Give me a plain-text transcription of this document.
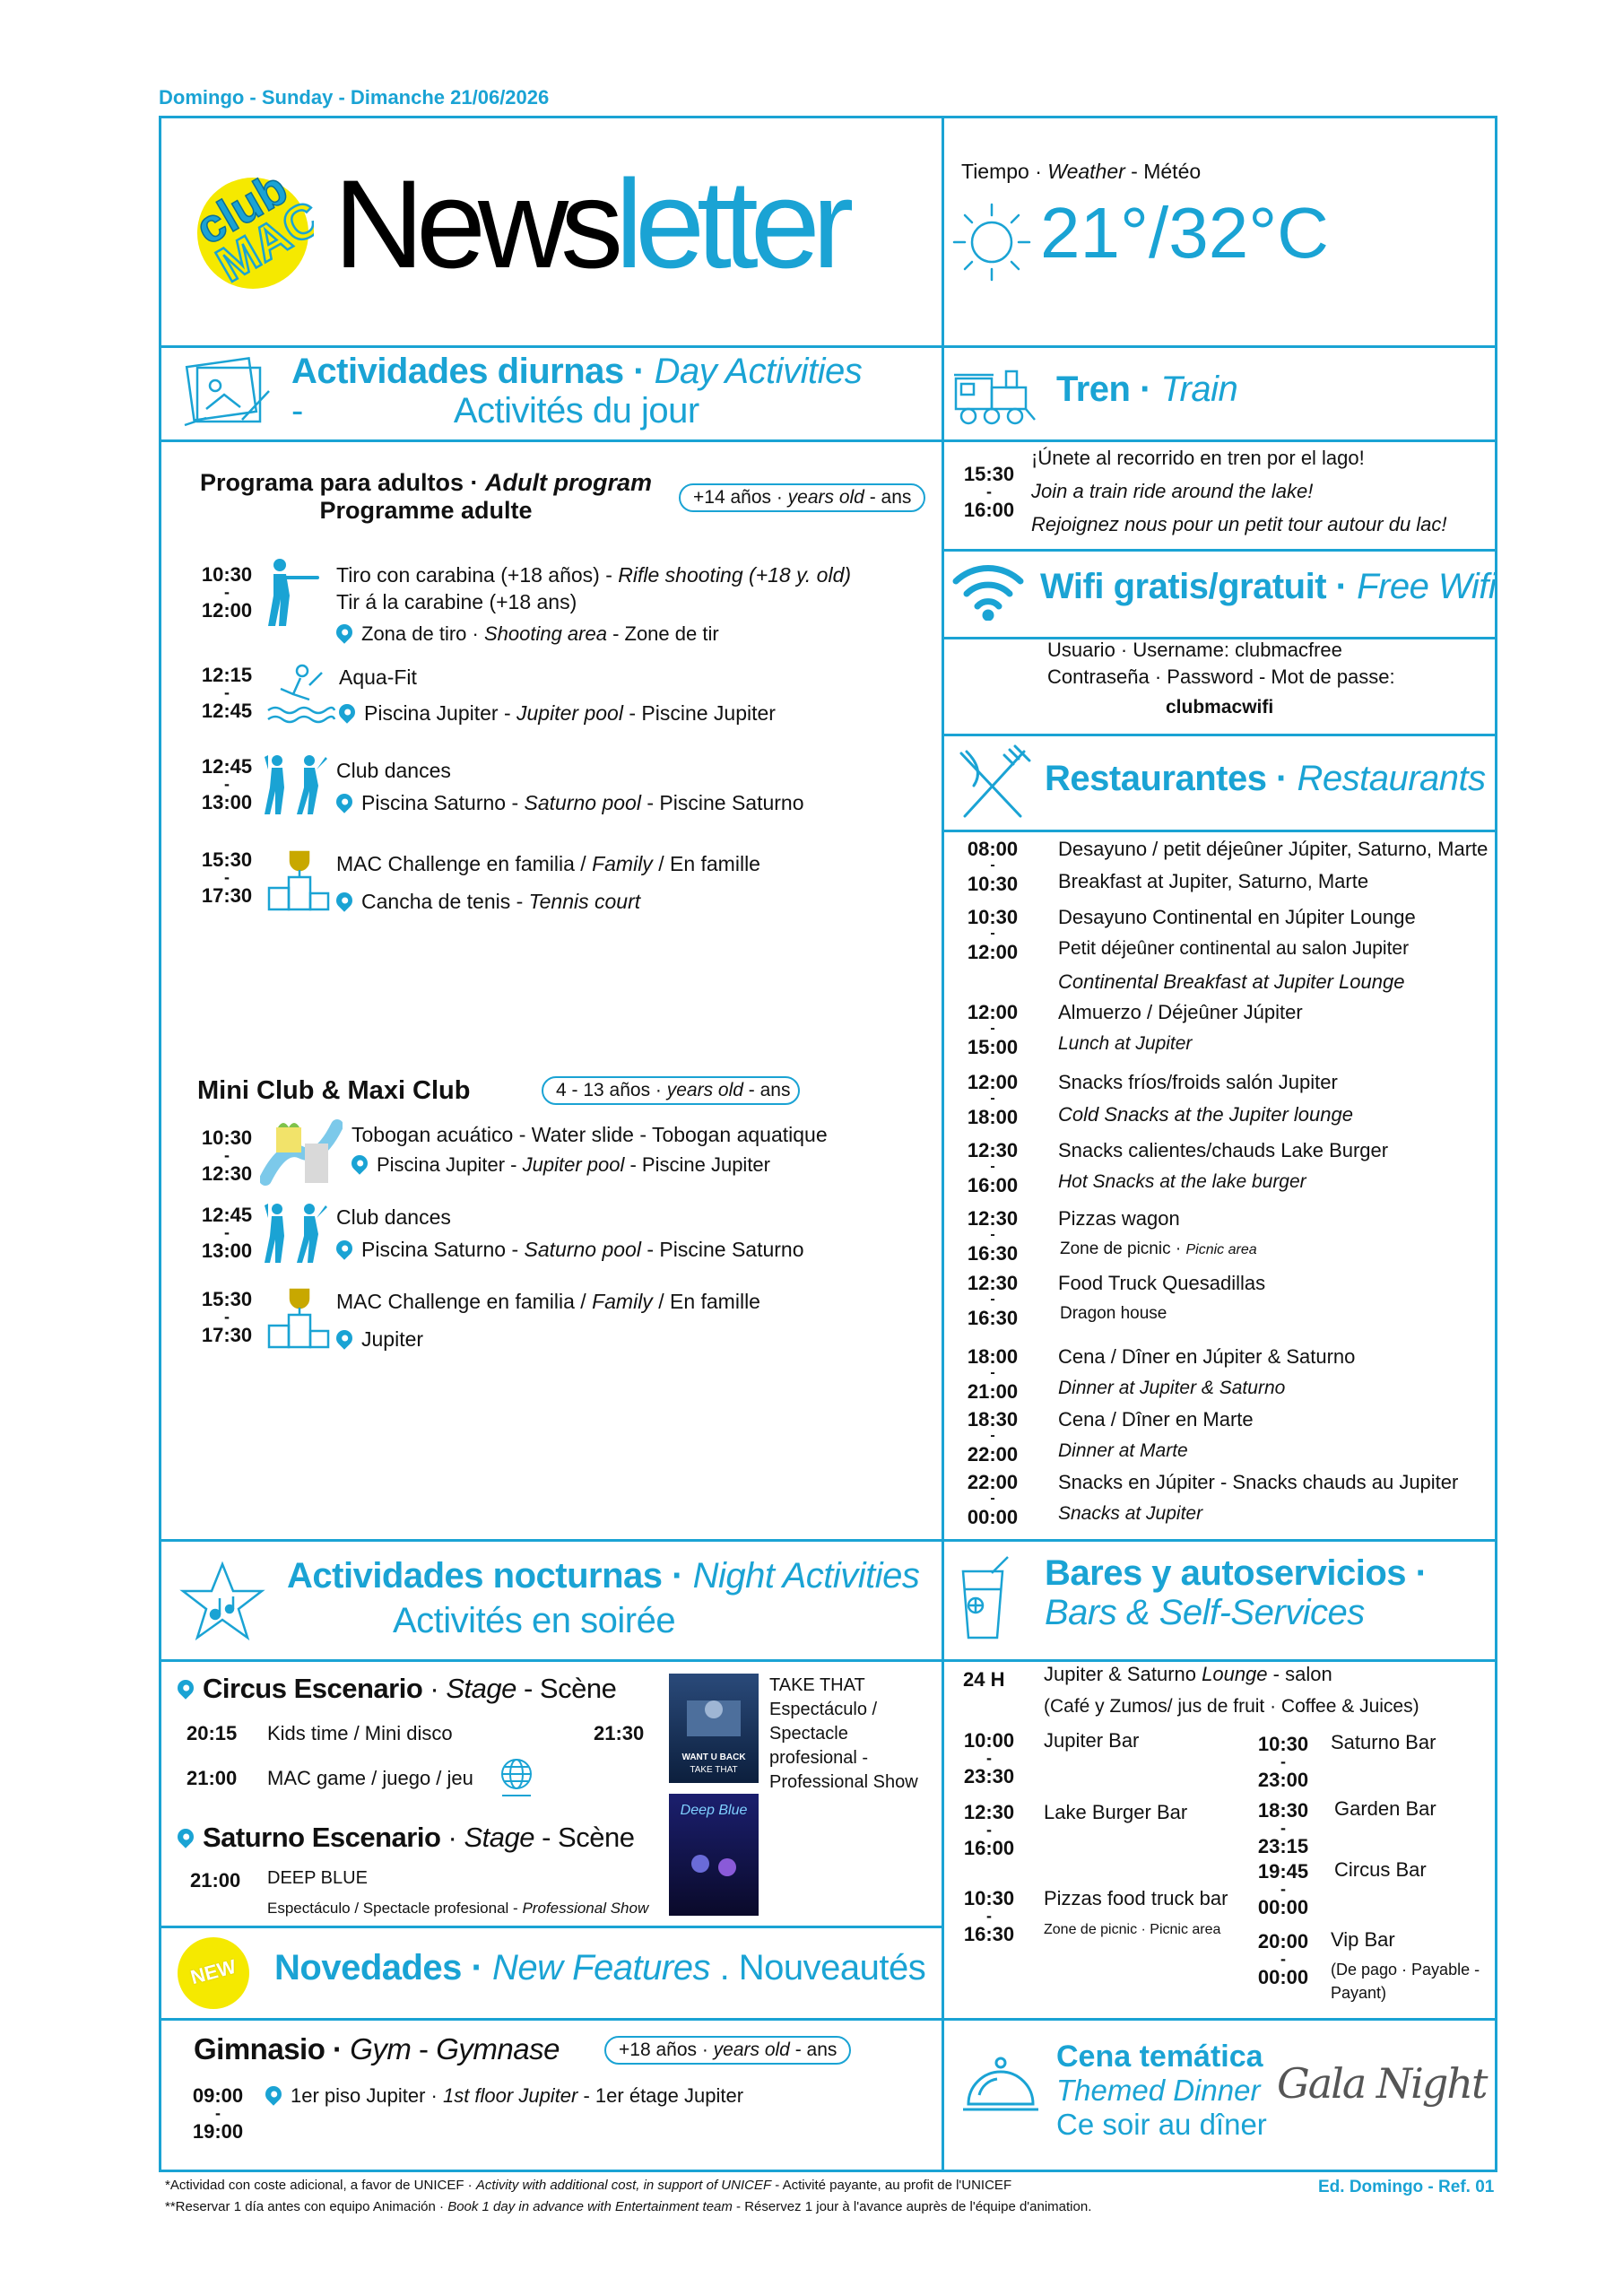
Domingo - Sunday - Dimanche 21/06/2026
club
MAC Newsletter	Tiempo · Weather - Météo
21°/32°C
Actividades diurnas · Day Activities
-	Activités du jour
Programa para adultos · Adult program
Programme adulte	+14 años · years old - ans
10:30
-
12:00
Tiro con carabina (+18 años) - Rifle shooting (+18 y. old)
Tir á la carabine (+18 ans)
Zona de tiro · Shooting area - Zone de tir
12:15
-
12:45
Aqua-Fit
Piscina Jupiter - Jupiter pool - Piscine Jupiter
12:45
-
13:00
Club dances
Piscina Saturno - Saturno pool - Piscine Saturno
15:30
-
17:30
MAC Challenge en familia / Family / En famille
Cancha de tenis - Tennis court
Mini Club & Maxi Club	4 - 13 años · years old - ans
10:30
-
12:30
Tobogan acuático - Water slide - Tobogan aquatique
Piscina Jupiter - Jupiter pool - Piscine Jupiter
12:45
-
13:00
Club dances
Piscina Saturno - Saturno pool - Piscine Saturno
15:30
-
17:30
MAC Challenge en familia / Family / En famille
Jupiter
Tren · Train
15:30
-
16:00
¡Únete al recorrido en tren por el lago!
Join a train ride around the lake!
Rejoignez nous pour un petit tour autour du lac!
Wifi gratis/gratuit · Free Wifi
Usuario · Username: clubmacfree
Contraseña · Password - Mot de passe:
clubmacwifi
Restaurantes · Restaurants
08:00
-
10:30
Desayuno / petit déjeûner Júpiter, Saturno, Marte
Breakfast at Jupiter, Saturno, Marte
10:30
-
12:00
Desayuno Continental en Júpiter Lounge
Petit déjeûner continental au salon Jupiter
Continental Breakfast at Jupiter Lounge
12:00
-
15:00
Almuerzo / Déjeûner Júpiter
Lunch at Jupiter
12:00
-
18:00
Snacks fríos/froids salón Jupiter
Cold Snacks at the Jupiter lounge
12:30
-
16:00
Snacks calientes/chauds Lake Burger
Hot Snacks at the lake burger
12:30
-
16:30
Pizzas wagon
Zone de picnic · Picnic area
12:30
-
16:30
Food Truck Quesadillas
Dragon house
18:00
-
21:00
Cena / Dîner en Júpiter & Saturno
Dinner at Jupiter & Saturno
18:30
-
22:00
Cena / Dîner en Marte
Dinner at Marte
22:00
-
00:00
Snacks en Júpiter - Snacks chauds au Jupiter
Snacks at Jupiter
Actividades nocturnas · Night Activities
Activités en soirée
Circus Escenario · Stage - Scène
20:15 Kids time / Mini disco	21:30
21:00 MAC game / juego / jeu
WANT U BACK
TAKE THAT
TAKE THAT
Espectáculo /
Spectacle
profesional -
Professional Show
Deep Blue
Saturno Escenario · Stage - Scène
21:00 DEEP BLUE
Espectáculo / Spectacle profesional - Professional Show
NEW	Novedades · New Features . Nouveautés
Gimnasio · Gym - Gymnase	+18 años · years old - ans
09:00
-
19:00
1er piso Jupiter · 1st floor Jupiter - 1er étage Jupiter
Bares y autoservicios ·
Bars & Self-Services
24 H Jupiter & Saturno Lounge - salon
(Café y Zumos/ jus de fruit · Coffee & Juices)
10:00
-
23:30
Jupiter Bar
12:30
-
16:00
Lake Burger Bar
10:30
-
16:30
Pizzas food truck bar
Zone de picnic · Picnic area
10:30
-
23:00
Saturno Bar
18:30
-
23:15
Garden Bar
19:45
-
00:00
Circus Bar
20:00
-
00:00
Vip Bar
(De pago · Payable -
Payant)
Cena temática
Themed Dinner
Ce soir au dîner
Gala Night
*Actividad con coste adicional, a favor de UNICEF · Activity with additional cost, in support of UNICEF - Activité payante, au profit de l'UNICEF
**Reservar 1 día antes con equipo Animación · Book 1 day in advance with Entertainment team - Réservez 1 jour à l'avance auprès de l'équipe d'animation.
Ed. Domingo - Ref. 01
